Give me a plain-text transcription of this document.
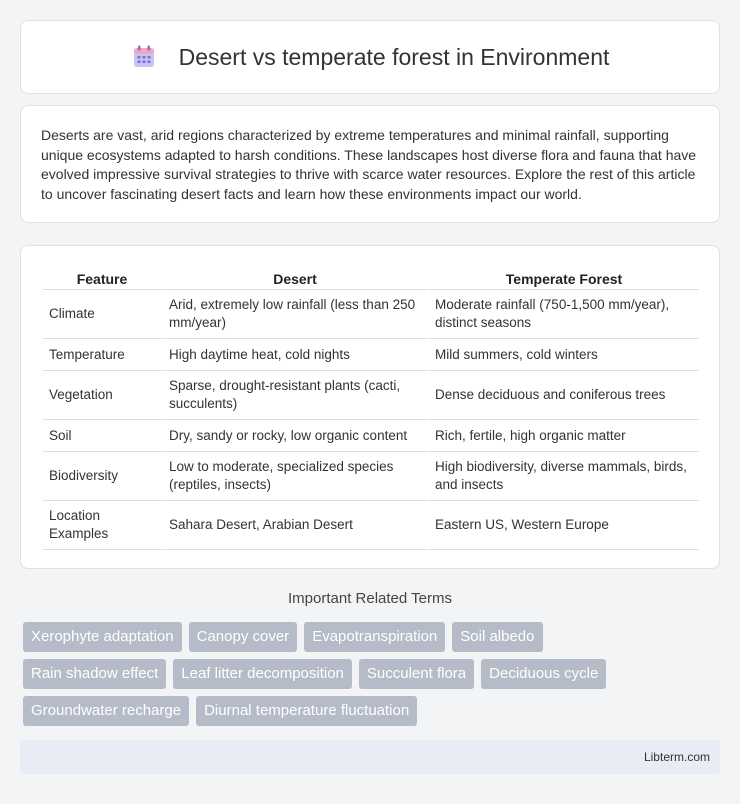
Desert vs temperate forest in Environment

Deserts are vast, arid regions characterized by extreme temperatures and minimal rainfall, supporting unique ecosystems adapted to harsh conditions. These landscapes host diverse flora and fauna that have evolved impressive survival strategies to thrive with scarce water resources. Explore the rest of this article to uncover fascinating desert facts and learn how these environments impact our world.

Feature	Desert	Temperate Forest
Climate	Arid, extremely low rainfall (less than 250 mm/year)	Moderate rainfall (750-1,500 mm/year), distinct seasons
Temperature	High daytime heat, cold nights	Mild summers, cold winters
Vegetation	Sparse, drought-resistant plants (cacti, succulents)	Dense deciduous and coniferous trees
Soil	Dry, sandy or rocky, low organic content	Rich, fertile, high organic matter
Biodiversity	Low to moderate, specialized species (reptiles, insects)	High biodiversity, diverse mammals, birds, and insects
Location Examples	Sahara Desert, Arabian Desert	Eastern US, Western Europe
Important Related Terms
Xerophyte adaptation	Canopy cover	Evapotranspiration	Soil albedo
Rain shadow effect	Leaf litter decomposition	Succulent flora	Deciduous cycle
Groundwater recharge	Diurnal temperature fluctuation
Libterm.com
